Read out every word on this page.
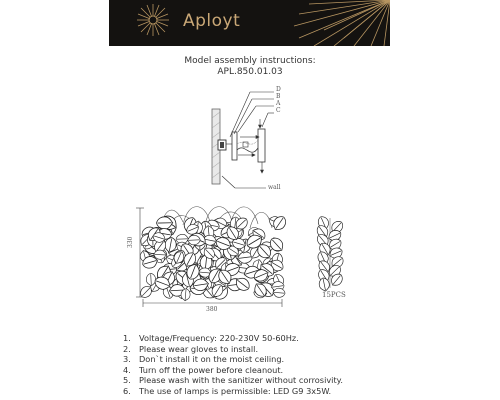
Aployt
Model assembly instructions:
APL.850.01.03
D
B
A
C
wall
330
380
15PCS
1. Voltage/Frequency: 220-230V 50-60Hz.
2. Please wear gloves to install.
3. Don`t install it on the moist ceiling.
4. Turn off the power before cleanout.
5. Please wash with the sanitizer without corrosivity.
6. The use of lamps is permissible: LED G9 3x5W.
